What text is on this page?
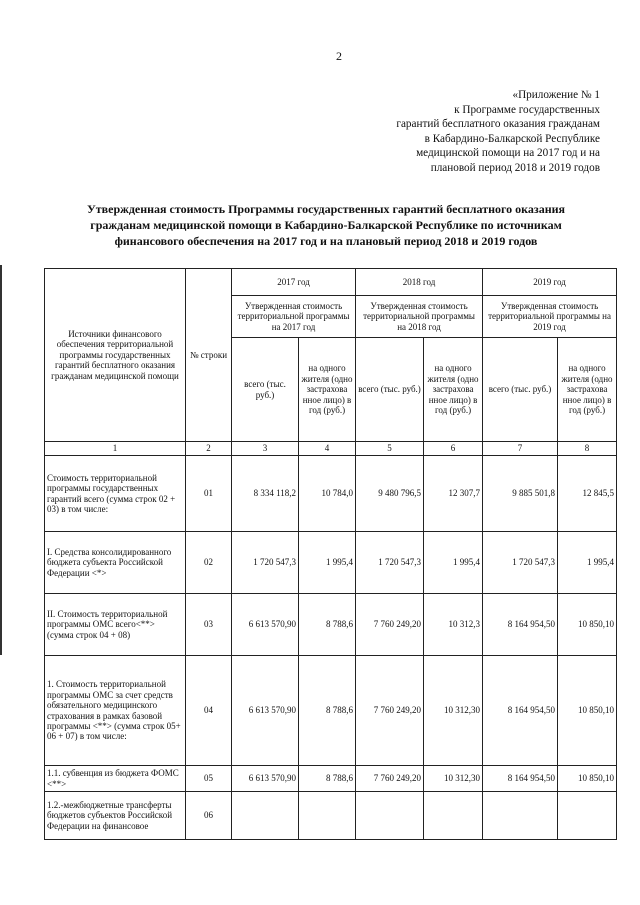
2
«Приложение № 1
к Программе государственных
гарантий бесплатного оказания гражданам
в Кабардино-Балкарской Республике
медицинской помощи на 2017 год и на
плановой период 2018 и 2019 годов
Утвержденная стоимость Программы государственных гарантий бесплатного оказания
гражданам медицинской помощи в Кабардино-Балкарской Республике по источникам
финансового обеспечения на 2017 год и на плановый период 2018 и 2019 годов
Источники финансового обеспечения территориальной программы государственных гарантий бесплатного оказания гражданам медицинской помощи	№ строки	2017 год		2018 год		2019 год	
		Утвержденная стоимость территориальной программы на 2017 год		Утвержденная стоимость территориальной программы на 2018 год		Утвержденная стоимость территориальной программы на 2019 год	
		всего (тыс. руб.)	на одного жителя (одно застрахова нное лицо) в год (руб.)	всего (тыс. руб.)	на одного жителя (одно застрахова нное лицо) в год (руб.)	всего (тыс. руб.)	на одного жителя (одно застрахова нное лицо) в год (руб.)
1	2	3	4	5	6	7	8
Стоимость территориальной программы государственных гарантий всего (сумма строк 02 + 03) в том числе:	01	8 334 118,2	10 784,0	9 480 796,5	12 307,7	9 885 501,8	12 845,5
I. Средства консолидированного бюджета субъекта Российской Федерации <*>	02	1 720 547,3	1 995,4	1 720 547,3	1 995,4	1 720 547,3	1 995,4
II. Стоимость территориальной программы ОМС всего<**> (сумма строк 04 + 08)	03	6 613 570,90	8 788,6	7 760 249,20	10 312,3	8 164 954,50	10 850,10
1. Стоимость территориальной программы ОМС за счет средств обязательного медицинского страхования в рамках базовой программы <**> (сумма строк 05+ 06 + 07) в том числе:	04	6 613 570,90	8 788,6	7 760 249,20	10 312,30	8 164 954,50	10 850,10
1.1. субвенция из бюджета ФОМС <**>	05	6 613 570,90	8 788,6	7 760 249,20	10 312,30	8 164 954,50	10 850,10
1.2.-межбюджетные трансферты бюджетов субъектов Российской Федерации на финансовое	06						
